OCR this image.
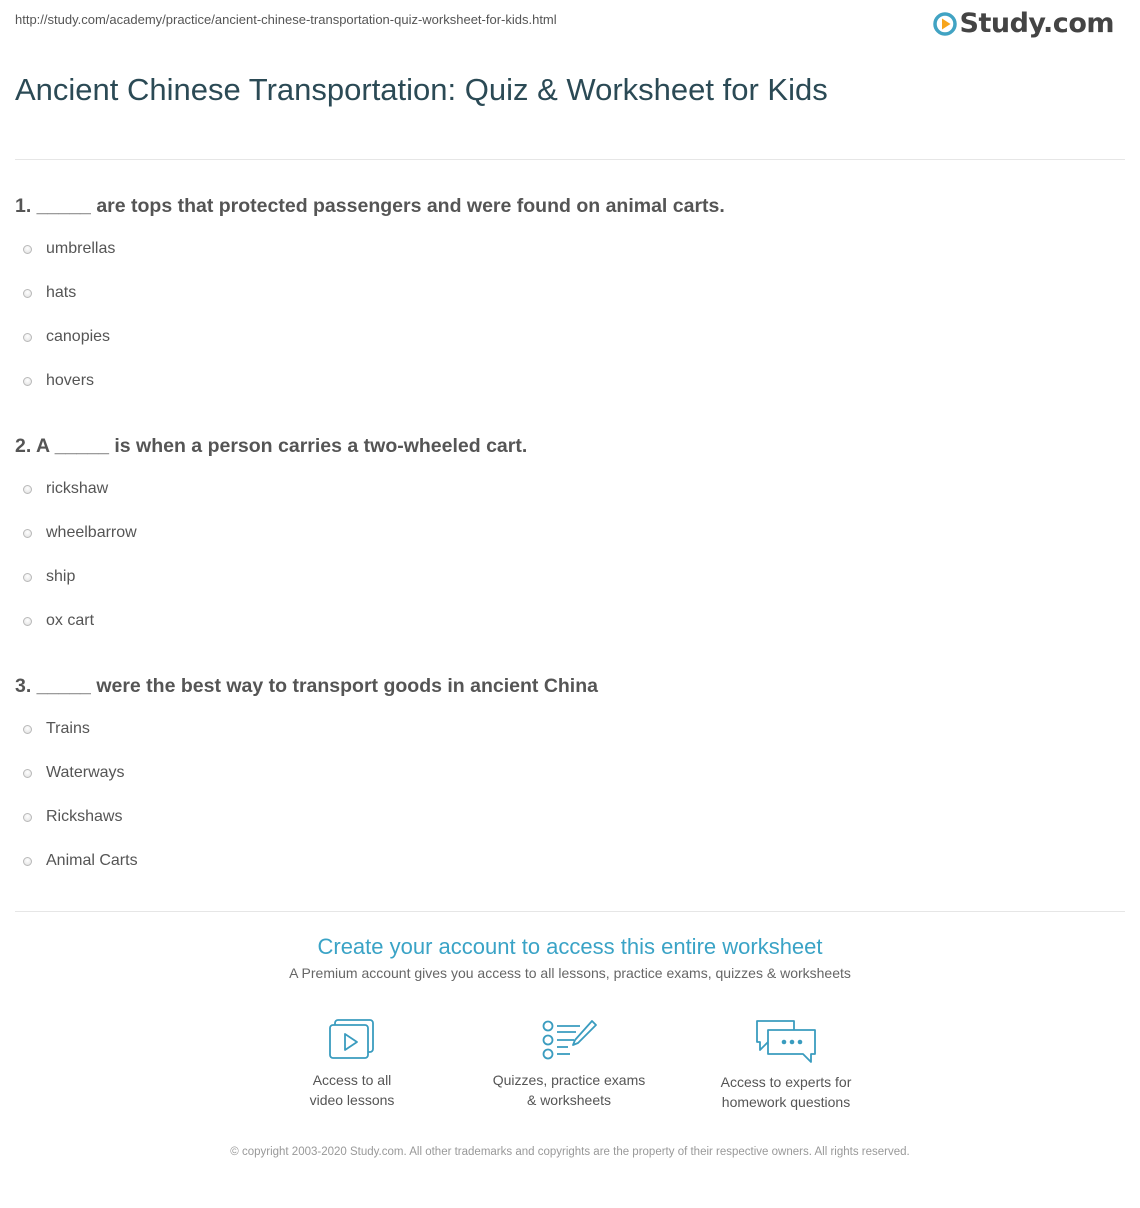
http://study.com/academy/practice/ancient-chinese-transportation-quiz-worksheet-for-kids.html	Study.com
Ancient Chinese Transportation: Quiz & Worksheet for Kids
1. _____ are tops that protected passengers and were found on animal carts.
umbrellas
hats
canopies
hovers
2. A _____ is when a person carries a two-wheeled cart.
rickshaw
wheelbarrow
ship
ox cart
3. _____ were the best way to transport goods in ancient China
Trains
Waterways
Rickshaws
Animal Carts
Create your account to access this entire worksheet
A Premium account gives you access to all lessons, practice exams, quizzes & worksheets
Access to all
video lessons
Quizzes, practice exams
& worksheets
Access to experts for
homework questions
© copyright 2003-2020 Study.com. All other trademarks and copyrights are the property of their respective owners. All rights reserved.
